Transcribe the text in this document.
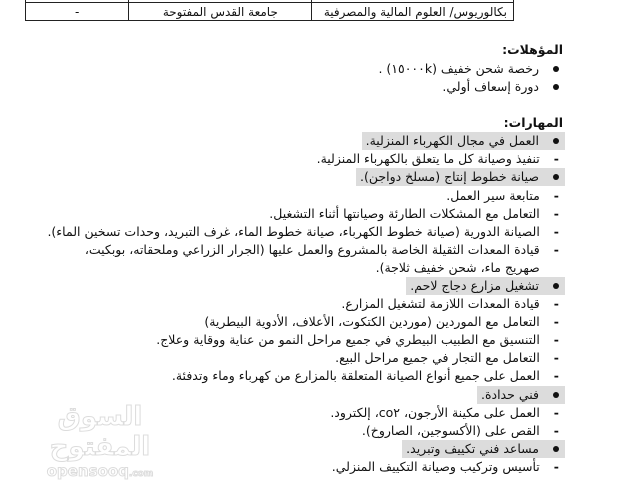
بكالوريوس/ العلوم المالية والمصرفية	جامعة القدس المفتوحة	-
المؤهلات:
رخصة شحن خفيف (١٥٠٠٠k) .
دورة إسعاف أولي.
المهارات:
العمل في مجال الكهرباء المنزلية.
-
تنفيذ وصيانة كل ما يتعلق بالكهرباء المنزلية.
صيانة خطوط إنتاج (مسلخ دواجن).
-
متابعة سير العمل.
-
التعامل مع المشكلات الطارئة وصيانتها أثناء التشغيل.
-
الصيانة الدورية (صيانة خطوط الكهرباء، صيانة خطوط الماء، غرف التبريد، وحدات تسخين الماء).
-
قيادة المعدات الثقيلة الخاصة بالمشروع والعمل عليها (الجرار الزراعي وملحقاته، بوبكيت، صهريج ماء، شحن خفيف ثلاجة).
تشغيل مزارع دجاج لاحم.
-
قيادة المعدات اللازمة لتشغيل المزارع.
-
التعامل مع الموردين (موردين الكتكوت، الأعلاف، الأدوية البيطرية)
-
التنسيق مع الطبيب البيطري في جميع مراحل النمو من عناية ووقاية وعلاج.
-
التعامل مع التجار في جميع مراحل البيع.
-
العمل على جميع أنواع الصيانة المتعلقة بالمزارع من كهرباء وماء وتدفئة.
فني حدادة.
-
العمل على مكينة الأرجون، co٢، إلكترود.
-
القص على (الأكسوجين، الصاروخ).
مساعد فني تكييف وتبريد.
-
تأسيس وتركيب وصيانة التكييف المنزلي.
السوق المفتوح
opensooq.com
